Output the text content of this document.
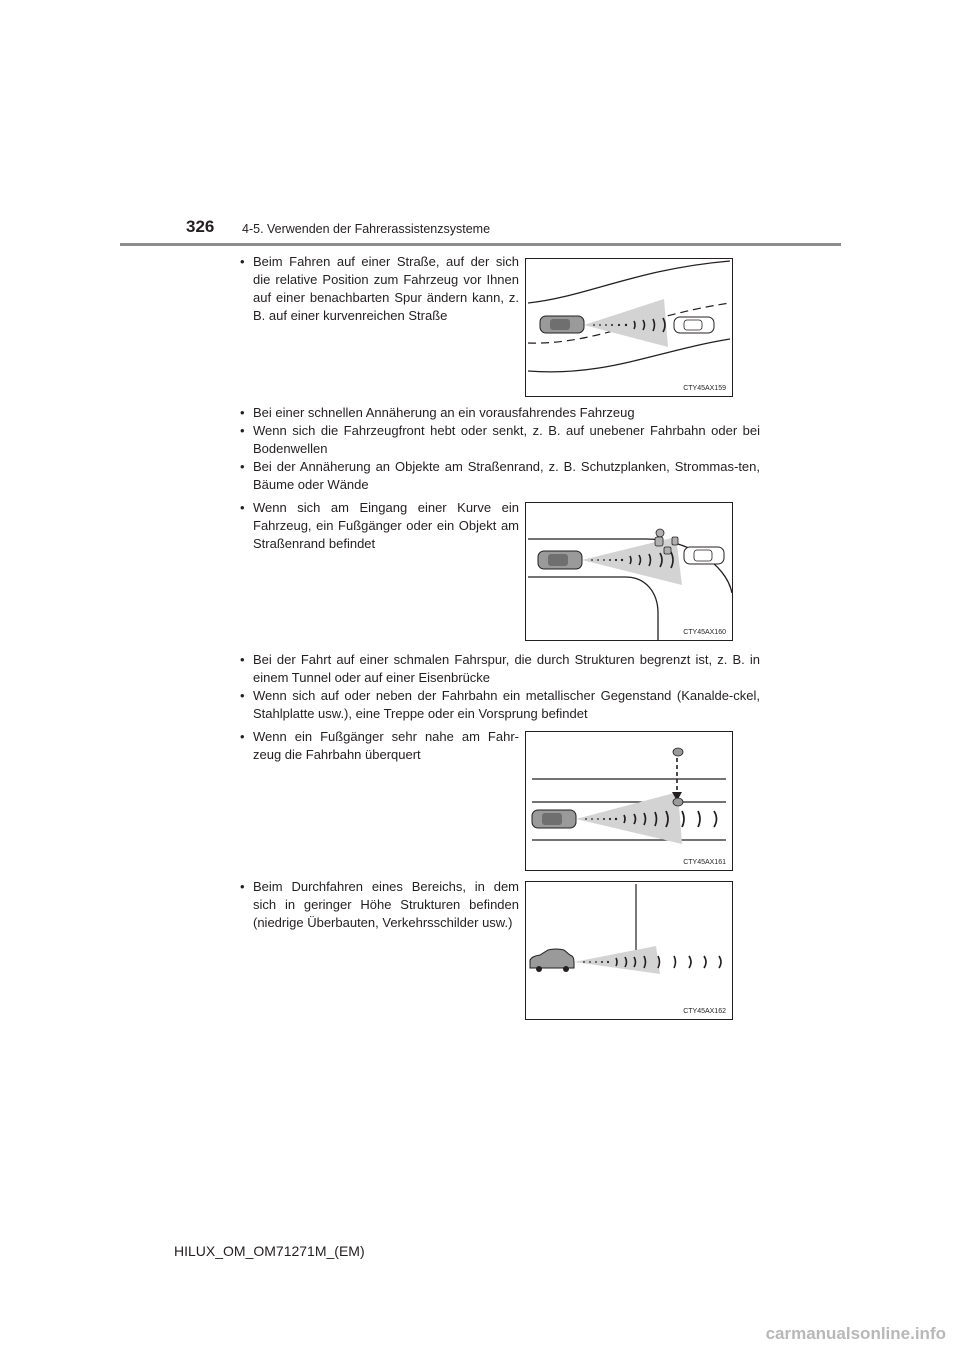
326 4-5. Verwenden der Fahrerassistenzsysteme
• Beim Fahren auf einer Straße, auf der sich die relative Position zum Fahrzeug vor Ihnen auf einer benachbarten Spur ändern kann, z. B. auf einer kurvenreichen Straße
CTY45AX159
• Bei einer schnellen Annäherung an ein vorausfahrendes Fahrzeug
• Wenn sich die Fahrzeugfront hebt oder senkt, z. B. auf unebener Fahrbahn oder bei Bodenwellen
• Bei der Annäherung an Objekte am Straßenrand, z. B. Schutzplanken, Strommas-ten, Bäume oder Wände
• Wenn sich am Eingang einer Kurve ein Fahrzeug, ein Fußgänger oder ein Objekt am Straßenrand befindet
CTY45AX160
• Bei der Fahrt auf einer schmalen Fahrspur, die durch Strukturen begrenzt ist, z. B. in einem Tunnel oder auf einer Eisenbrücke
• Wenn sich auf oder neben der Fahrbahn ein metallischer Gegenstand (Kanalde-ckel, Stahlplatte usw.), eine Treppe oder ein Vorsprung befindet
• Wenn ein Fußgänger sehr nahe am Fahr-zeug die Fahrbahn überquert
CTY45AX161
• Beim Durchfahren eines Bereichs, in dem sich in geringer Höhe Strukturen befinden (niedrige Überbauten, Verkehrsschilder usw.)
CTY45AX162
HILUX_OM_OM71271M_(EM)
carmanualsonline.info
